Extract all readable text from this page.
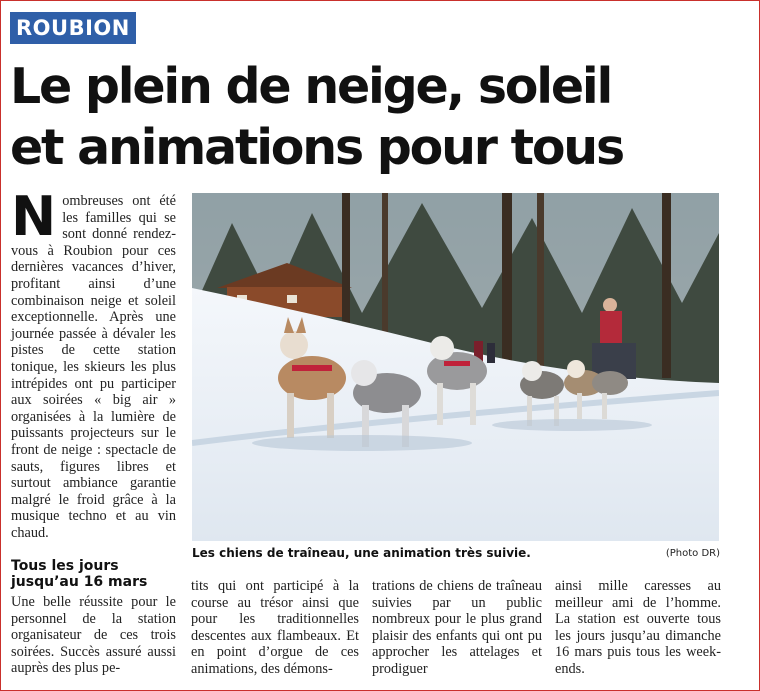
ROUBION
Le plein de neige, soleil
et animations pour tous
Nombreuses ont été les familles qui se sont donné rendez-vous à Roubion pour ces dernières vacances d’hiver, profitant ainsi d’une combinaison neige et soleil exceptionnelle. Après une journée passée à dévaler les pistes de cette station tonique, les skieurs les plus intrépides ont pu participer aux soirées « big air » organisées à la lumière de puissants projecteurs sur le front de neige : spectacle de sauts, figures libres et surtout ambiance garantie malgré le froid grâce à la musique techno et au vin chaud.
Tous les jours
jusqu’au 16 mars
Une belle réussite pour le personnel de la station organisateur de ces trois soirées. Succès assuré aussi auprès des plus pe-
tits qui ont participé à la course au trésor ainsi que pour les traditionnelles descentes aux flambeaux. Et en point d’orgue de ces animations, des démons-
trations de chiens de traîneau suivies par un public nombreux pour le plus grand plaisir des enfants qui ont pu approcher les attelages et prodiguer
ainsi mille caresses au meilleur ami de l’homme. La station est ouverte tous les jours jusqu’au dimanche 16 mars puis tous les week-ends.
Les chiens de traîneau, une animation très suivie.	(Photo DR)
